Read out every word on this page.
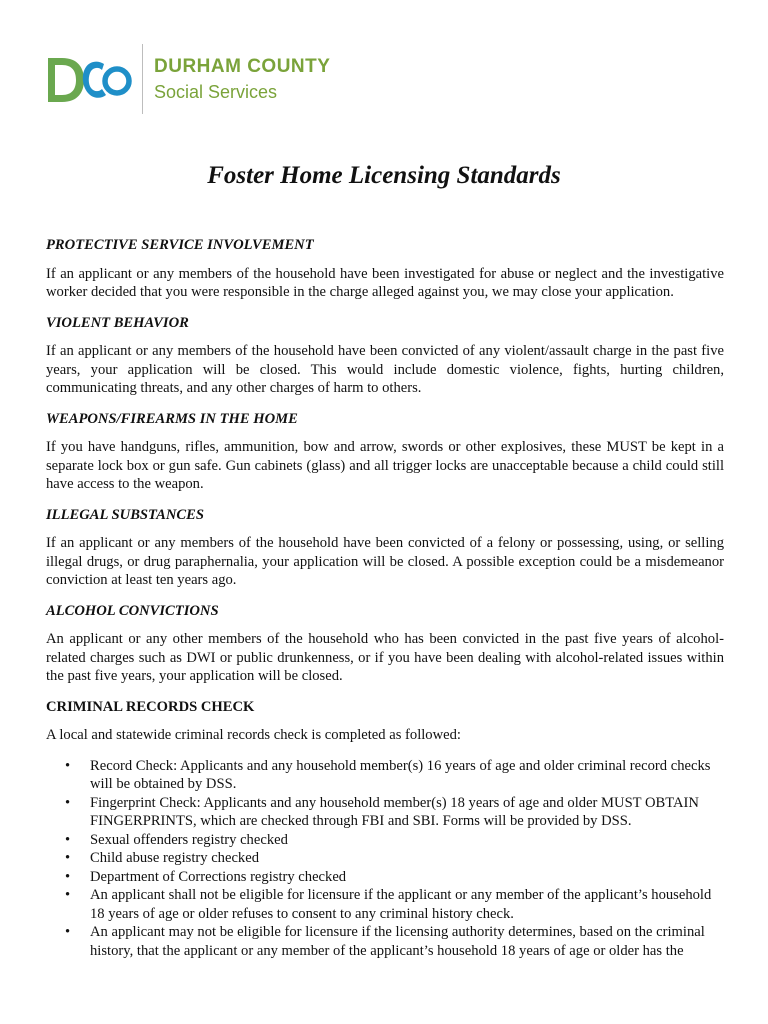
DURHAM COUNTY
Social Services
Foster Home Licensing Standards
PROTECTIVE SERVICE INVOLVEMENT

If an applicant or any members of the household have been investigated for abuse or neglect and the investigative worker decided that you were responsible in the charge alleged against you, we may close your application.

VIOLENT BEHAVIOR

If an applicant or any members of the household have been convicted of any violent/assault charge in the past five years, your application will be closed. This would include domestic violence, fights, hurting children, communicating threats, and any other charges of harm to others.

WEAPONS/FIREARMS IN THE HOME

If you have handguns, rifles, ammunition, bow and arrow, swords or other explosives, these MUST be kept in a separate lock box or gun safe. Gun cabinets (glass) and all trigger locks are unacceptable because a child could still have access to the weapon.

ILLEGAL SUBSTANCES

If an applicant or any members of the household have been convicted of a felony or possessing, using, or selling illegal drugs, or drug paraphernalia, your application will be closed. A possible exception could be a misdemeanor conviction at least ten years ago.

ALCOHOL CONVICTIONS

An applicant or any other members of the household who has been convicted in the past five years of alcohol-related charges such as DWI or public drunkenness, or if you have been dealing with alcohol-related issues within the past five years, your application will be closed.

CRIMINAL RECORDS CHECK

A local and statewide criminal records check is completed as followed:

• Record Check: Applicants and any household member(s) 16 years of age and older criminal record checks will be obtained by DSS.
• Fingerprint Check: Applicants and any household member(s) 18 years of age and older MUST OBTAIN FINGERPRINTS, which are checked through FBI and SBI. Forms will be provided by DSS.
• Sexual offenders registry checked
• Child abuse registry checked
• Department of Corrections registry checked
• An applicant shall not be eligible for licensure if the applicant or any member of the applicant’s household 18 years of age or older refuses to consent to any criminal history check.
• An applicant may not be eligible for licensure if the licensing authority determines, based on the criminal history, that the applicant or any member of the applicant’s household 18 years of age or older has the
